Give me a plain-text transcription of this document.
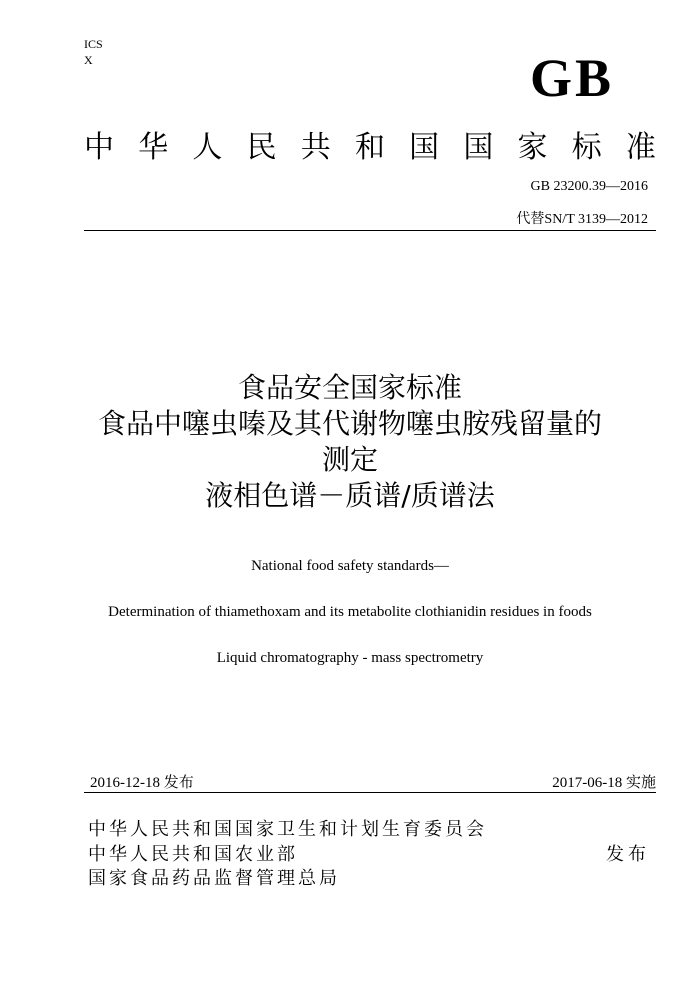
ICS
X	GB
中 华 人 民 共 和 国 国 家 标 准
GB 23200.39—2016
代替SN/T 3139—2012
食品安全国家标准
食品中噻虫嗪及其代谢物噻虫胺残留量的
测定
液相色谱－质谱/质谱法
National food safety standards—
Determination of thiamethoxam and its metabolite clothianidin residues in foods
Liquid chromatography - mass spectrometry
2016-12-18 发布	2017-06-18 实施
中华人民共和国国家卫生和计划生育委员会
中华人民共和国农业部
国家食品药品监督管理总局
发布
